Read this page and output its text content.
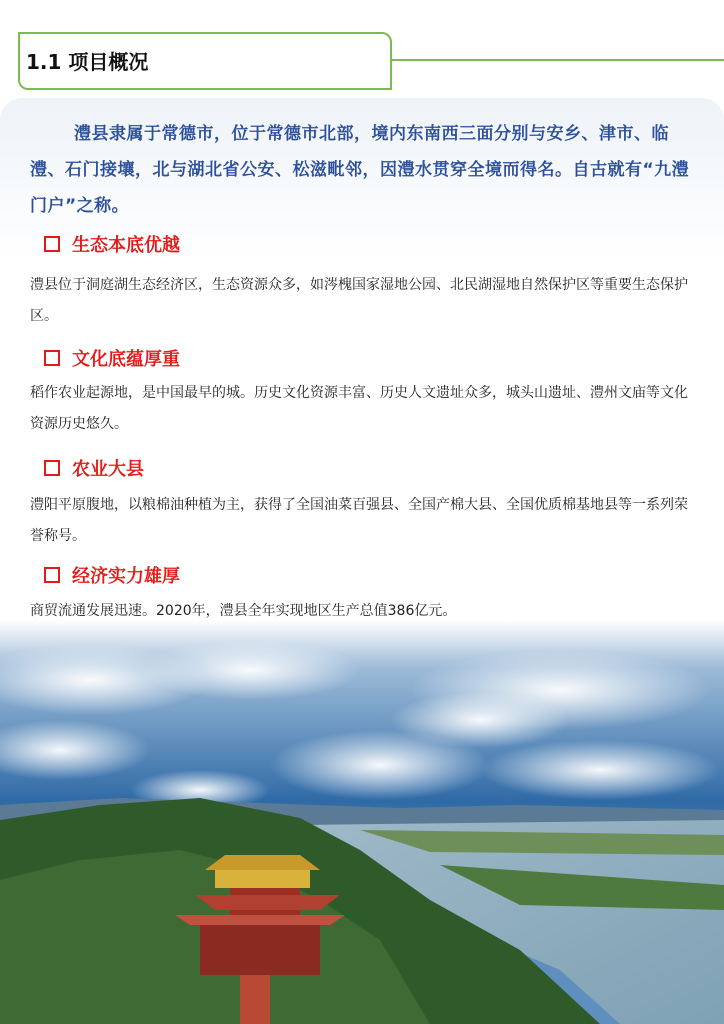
1.1 项目概况

澧县隶属于常德市，位于常德市北部，境内东南西三面分别与安乡、津市、临澧、石门接壤，北与湖北省公安、松滋毗邻，因澧水贯穿全境而得名。自古就有“九澧门户”之称。

生态本底优越

澧县位于洞庭湖生态经济区，生态资源众多，如涔槐国家湿地公园、北民湖湿地自然保护区等重要生态保护区。

文化底蕴厚重

稻作农业起源地，是中国最早的城。历史文化资源丰富、历史人文遗址众多，城头山遗址、澧州文庙等文化资源历史悠久。

农业大县

澧阳平原腹地，以粮棉油种植为主，获得了全国油菜百强县、全国产棉大县、全国优质棉基地县等一系列荣誉称号。

经济实力雄厚

商贸流通发展迅速。2020年，澧县全年实现地区生产总值386亿元。
